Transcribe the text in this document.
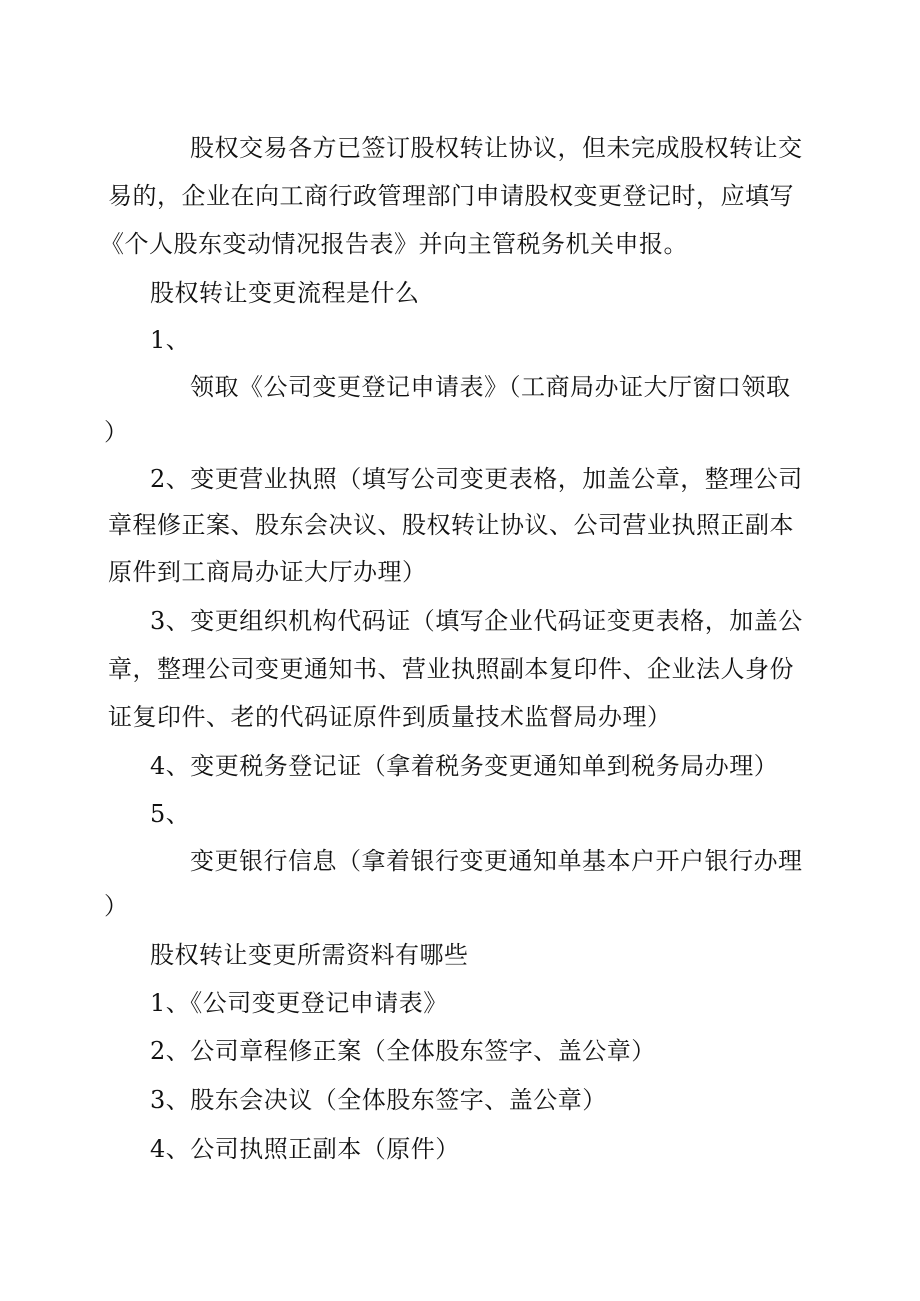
股权交易各方已签订股权转让协议，但未完成股权转让交
易的，企业在向工商行政管理部门申请股权变更登记时，应填写
《个人股东变动情况报告表》并向主管税务机关申报。
股权转让变更流程是什么
1、
领取《公司变更登记申请表》（工商局办证大厅窗口领取
）
2、变更营业执照（填写公司变更表格，加盖公章，整理公司
章程修正案、股东会决议、股权转让协议、公司营业执照正副本
原件到工商局办证大厅办理）
3、变更组织机构代码证（填写企业代码证变更表格，加盖公
章，整理公司变更通知书、营业执照副本复印件、企业法人身份
证复印件、老的代码证原件到质量技术监督局办理）
4、变更税务登记证（拿着税务变更通知单到税务局办理）
5、
变更银行信息（拿着银行变更通知单基本户开户银行办理
）
股权转让变更所需资料有哪些
1、《公司变更登记申请表》
2、公司章程修正案（全体股东签字、盖公章）
3、股东会决议（全体股东签字、盖公章）
4、公司执照正副本（原件）
